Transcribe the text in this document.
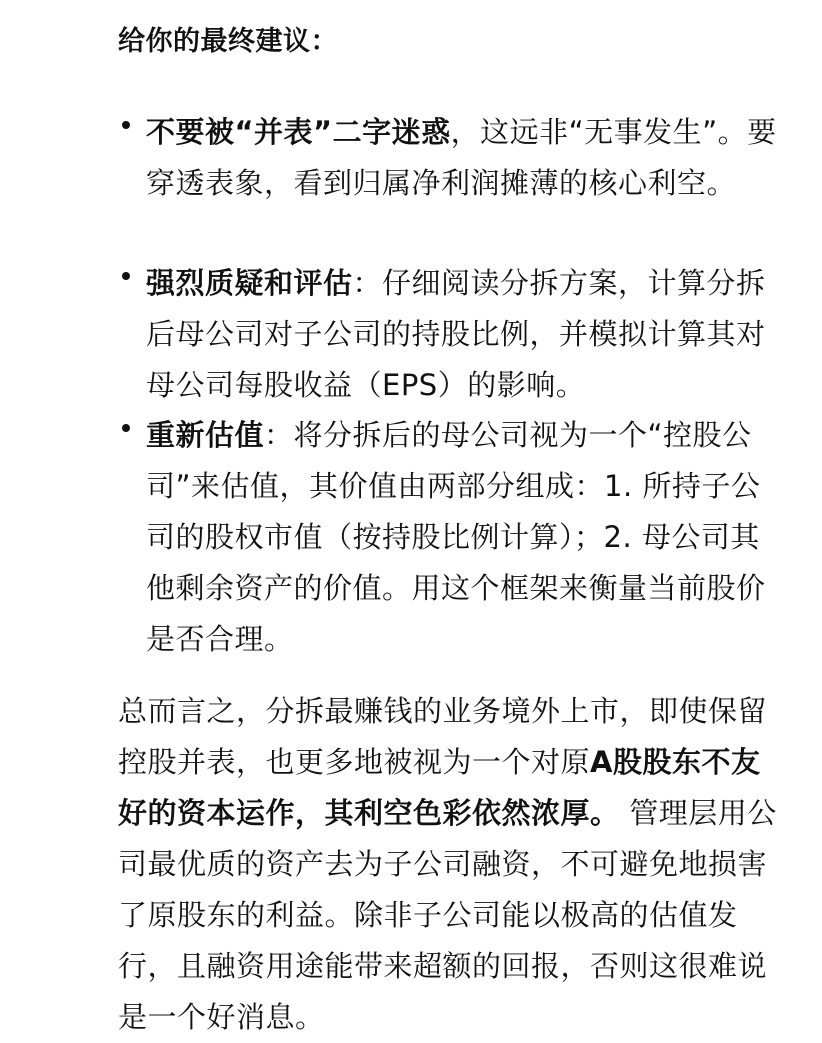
给你的最终建议：
不要被“并表”二字迷惑，这远非“无事发生”。要穿透表象，看到归属净利润摊薄的核心利空。
强烈质疑和评估：仔细阅读分拆方案，计算分拆后母公司对子公司的持股比例，并模拟计算其对母公司每股收益（EPS）的影响。
重新估值：将分拆后的母公司视为一个“控股公司”来估值，其价值由两部分组成：1. 所持子公司的股权市值（按持股比例计算）；2. 母公司其他剩余资产的价值。用这个框架来衡量当前股价是否合理。
总而言之，分拆最赚钱的业务境外上市，即使保留控股并表，也更多地被视为一个对原A股股东不友好的资本运作，其利空色彩依然浓厚。 管理层用公司最优质的资产去为子公司融资，不可避免地损害了原股东的利益。除非子公司能以极高的估值发行，且融资用途能带来超额的回报，否则这很难说是一个好消息。
